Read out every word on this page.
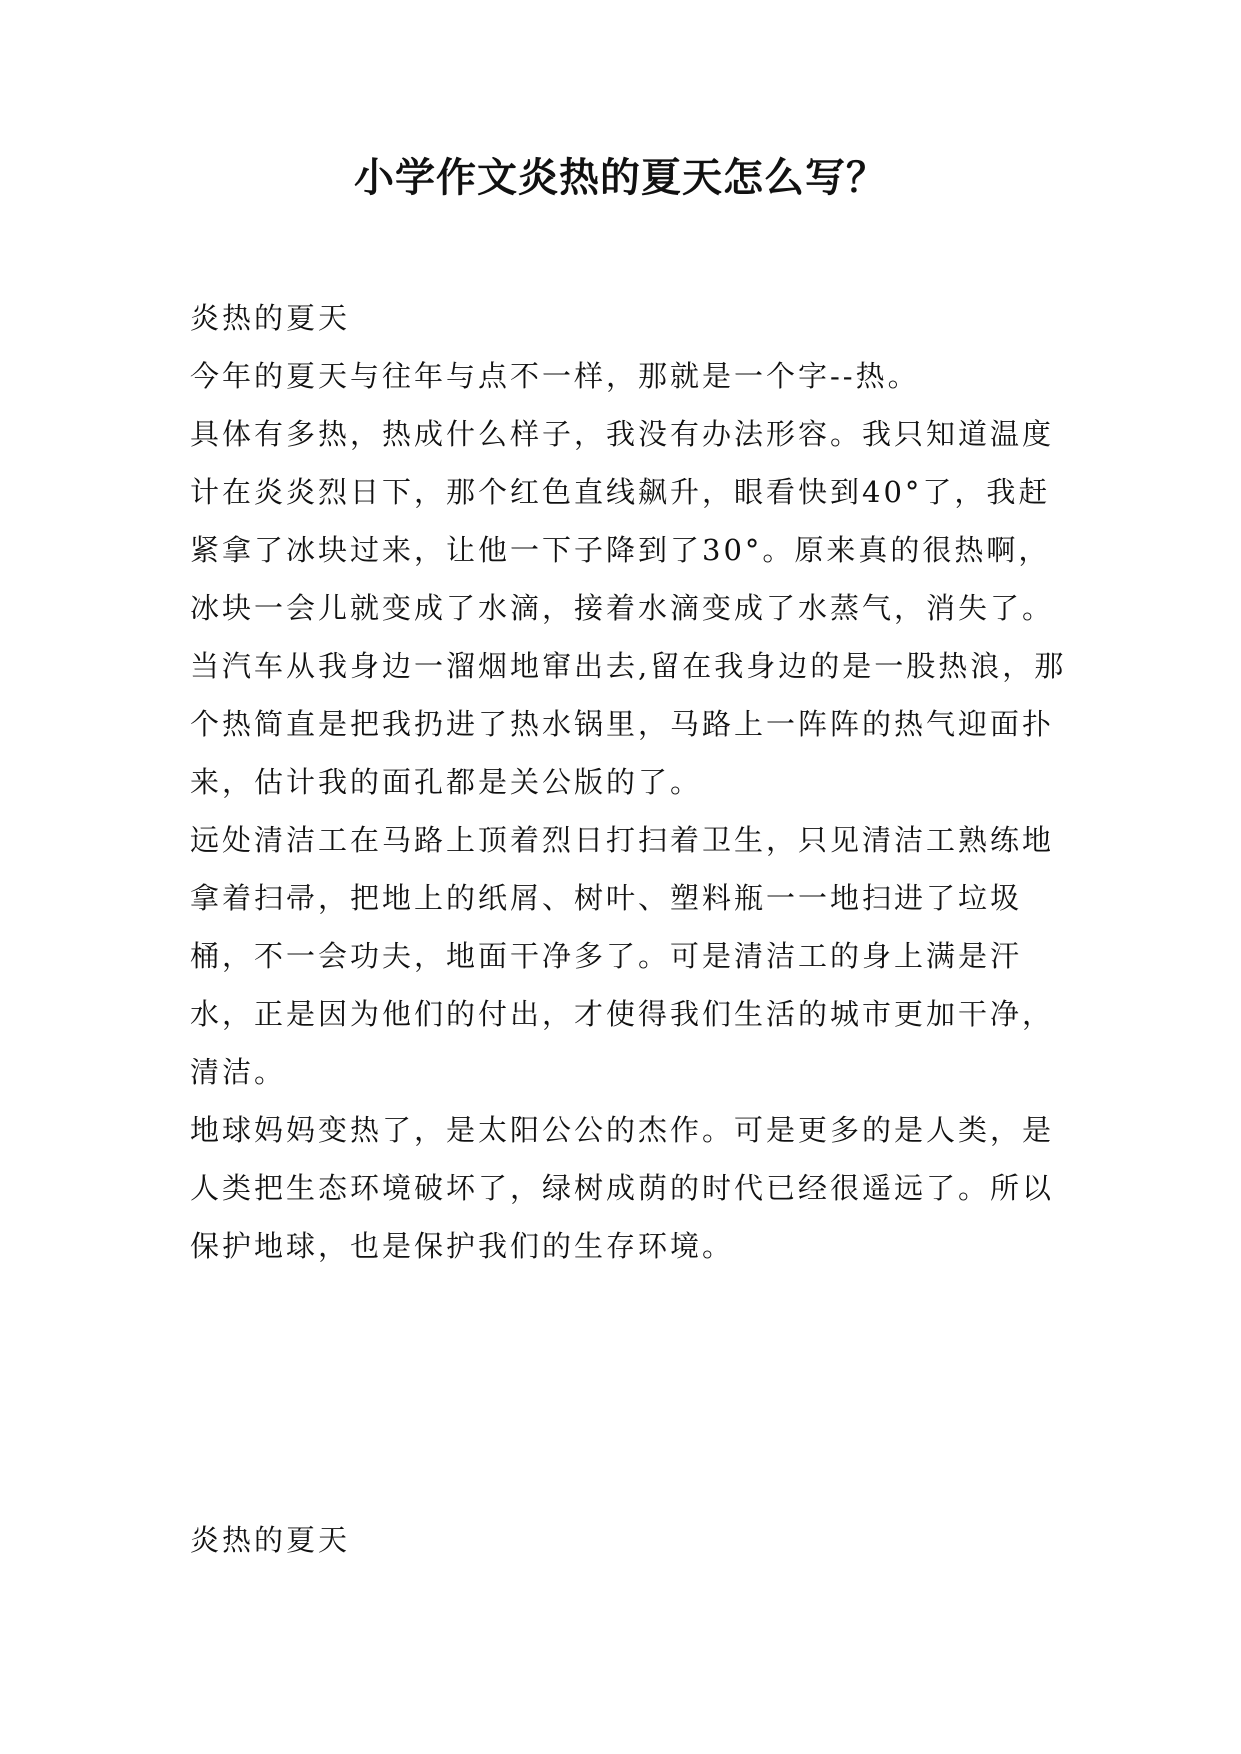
小学作文炎热的夏天怎么写？

炎热的夏天

今年的夏天与往年与点不一样，那就是一个字--热。

具体有多热，热成什么样子，我没有办法形容。我只知道温度计在炎炎烈日下，那个红色直线飙升，眼看快到40°了，我赶紧拿了冰块过来，让他一下子降到了30°。原来真的很热啊，冰块一会儿就变成了水滴，接着水滴变成了水蒸气，消失了。

当汽车从我身边一溜烟地窜出去,留在我身边的是一股热浪，那个热简直是把我扔进了热水锅里，马路上一阵阵的热气迎面扑来，估计我的面孔都是关公版的了。

远处清洁工在马路上顶着烈日打扫着卫生，只见清洁工熟练地拿着扫帚，把地上的纸屑、树叶、塑料瓶一一地扫进了垃圾桶，不一会功夫，地面干净多了。可是清洁工的身上满是汗水，正是因为他们的付出，才使得我们生活的城市更加干净，清洁。

地球妈妈变热了，是太阳公公的杰作。可是更多的是人类，是人类把生态环境破坏了，绿树成荫的时代已经很遥远了。所以保护地球，也是保护我们的生存环境。

炎热的夏天
